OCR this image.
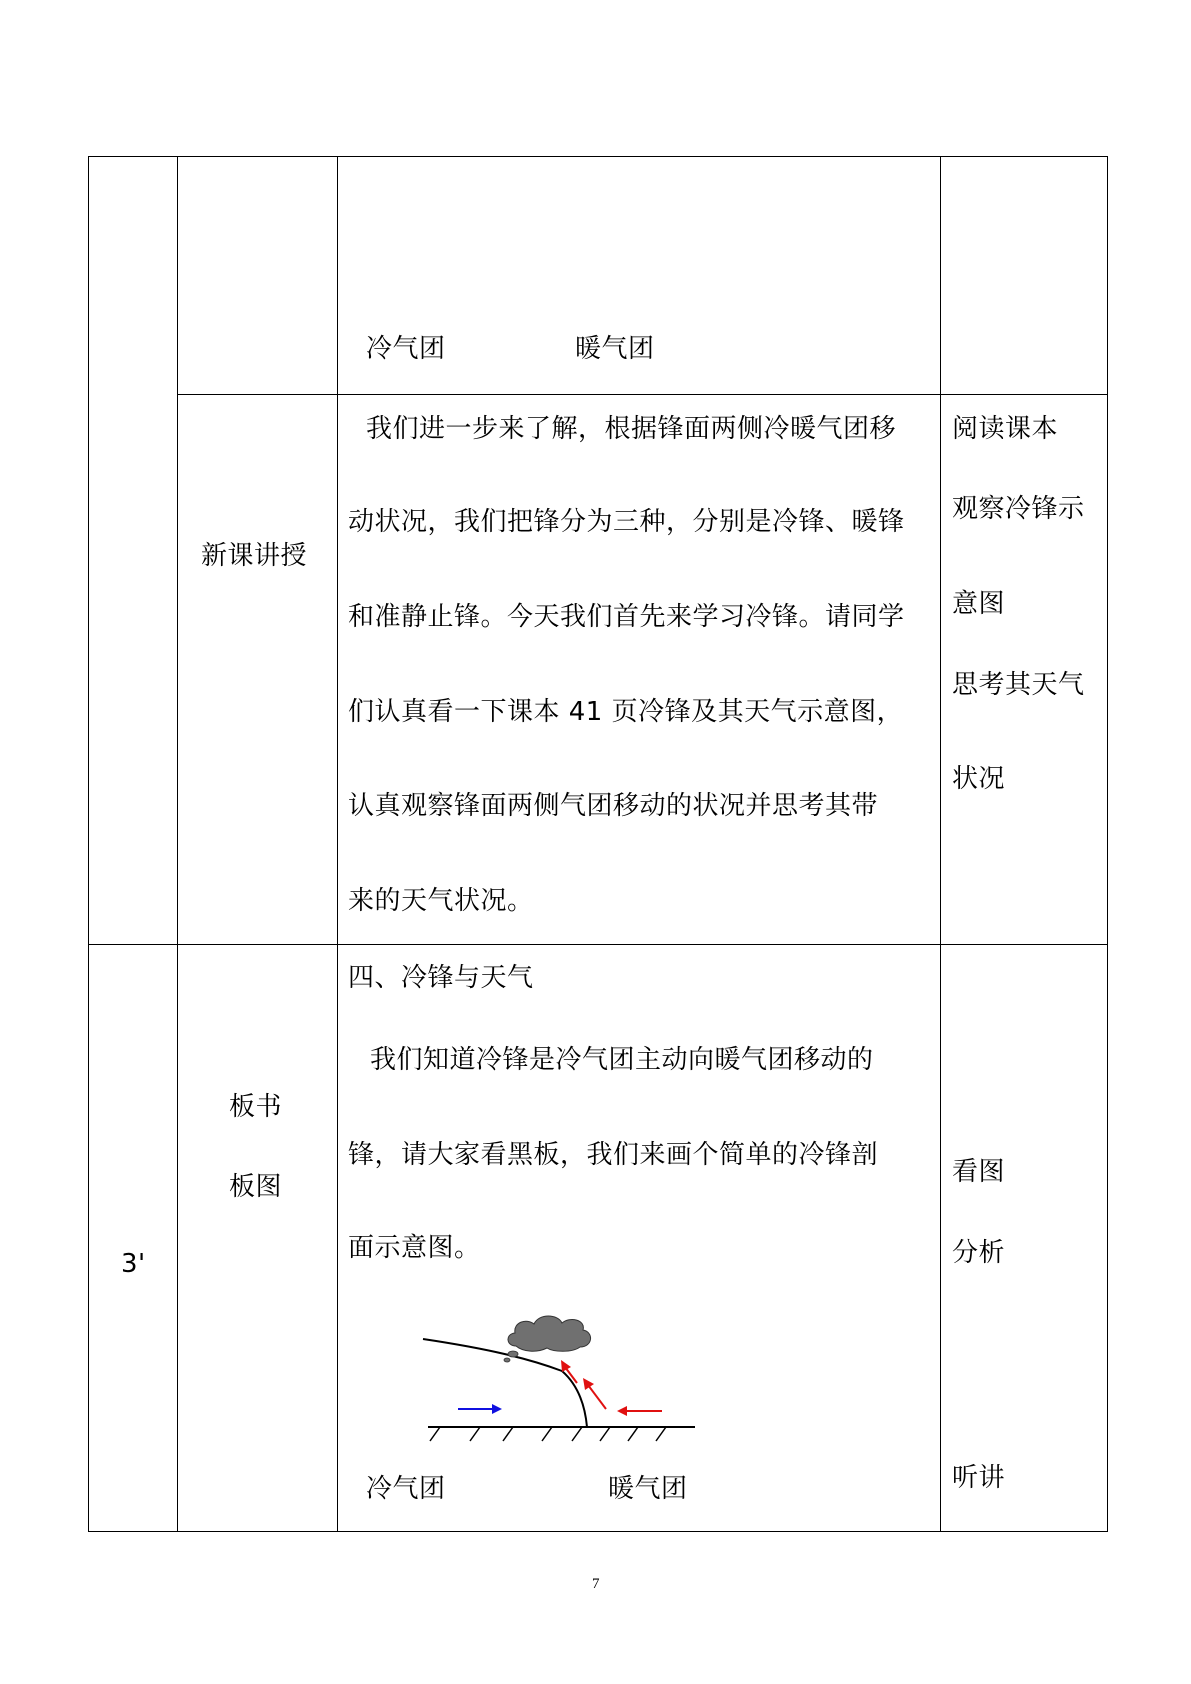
冷气团	暖气团
新课讲授
我们进一步来了解，根据锋面两侧冷暖气团移
动状况，我们把锋分为三种，分别是冷锋、暖锋
和准静止锋。今天我们首先来学习冷锋。请同学
们认真看一下课本 41 页冷锋及其天气示意图，
认真观察锋面两侧气团移动的状况并思考其带
来的天气状况。
阅读课本
观察冷锋示
意图
思考其天气
状况
3'
板书
板图
四、冷锋与天气
我们知道冷锋是冷气团主动向暖气团移动的
锋，请大家看黑板，我们来画个简单的冷锋剖
面示意图。
冷气团	暖气团
看图
分析
听讲
7
